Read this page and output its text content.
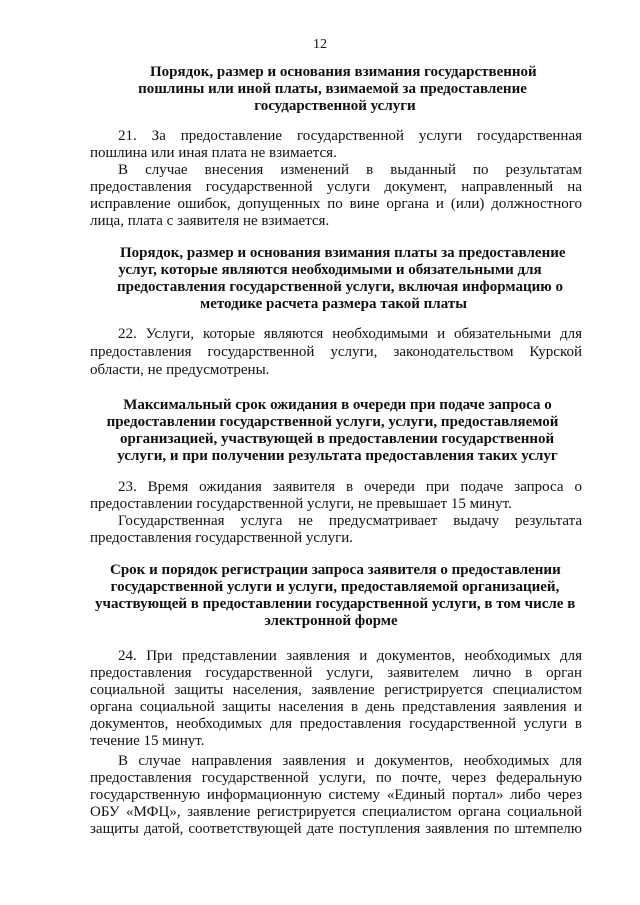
12
Порядок, размер и основания взимания государственной
пошлины или иной платы, взимаемой за предоставление
государственной услуги
21. За предоставление государственной услуги государственная
пошлина или иная плата не взимается.
В случае внесения изменений в выданный по результатам
предоставления государственной услуги документ, направленный на
исправление ошибок, допущенных по вине органа и (или) должностного
лица, плата с заявителя не взимается.
Порядок, размер и основания взимания платы за предоставление
услуг, которые являются необходимыми и обязательными для
предоставления государственной услуги, включая информацию о
методике расчета размера такой платы
22. Услуги, которые являются необходимыми и обязательными для
предоставления государственной услуги, законодательством Курской
области, не предусмотрены.
Максимальный срок ожидания в очереди при подаче запроса о
предоставлении государственной услуги, услуги, предоставляемой
организацией, участвующей в предоставлении государственной
услуги, и при получении результата предоставления таких услуг
23. Время ожидания заявителя в очереди при подаче запроса о
предоставлении государственной услуги, не превышает 15 минут.
Государственная услуга не предусматривает выдачу результата
предоставления государственной услуги.
Срок и порядок регистрации запроса заявителя о предоставлении
государственной услуги и услуги, предоставляемой организацией,
участвующей в предоставлении государственной услуги, в том числе в
электронной форме
24. При представлении заявления и документов, необходимых для
предоставления государственной услуги, заявителем лично в орган
социальной защиты населения, заявление регистрируется специалистом
органа социальной защиты населения в день представления заявления и
документов, необходимых для предоставления государственной услуги в
течение 15 минут.
В случае направления заявления и документов, необходимых для
предоставления государственной услуги, по почте, через федеральную
государственную информационную систему «Единый портал» либо через
ОБУ «МФЦ», заявление регистрируется специалистом органа социальной
защиты датой, соответствующей дате поступления заявления по штемпелю
